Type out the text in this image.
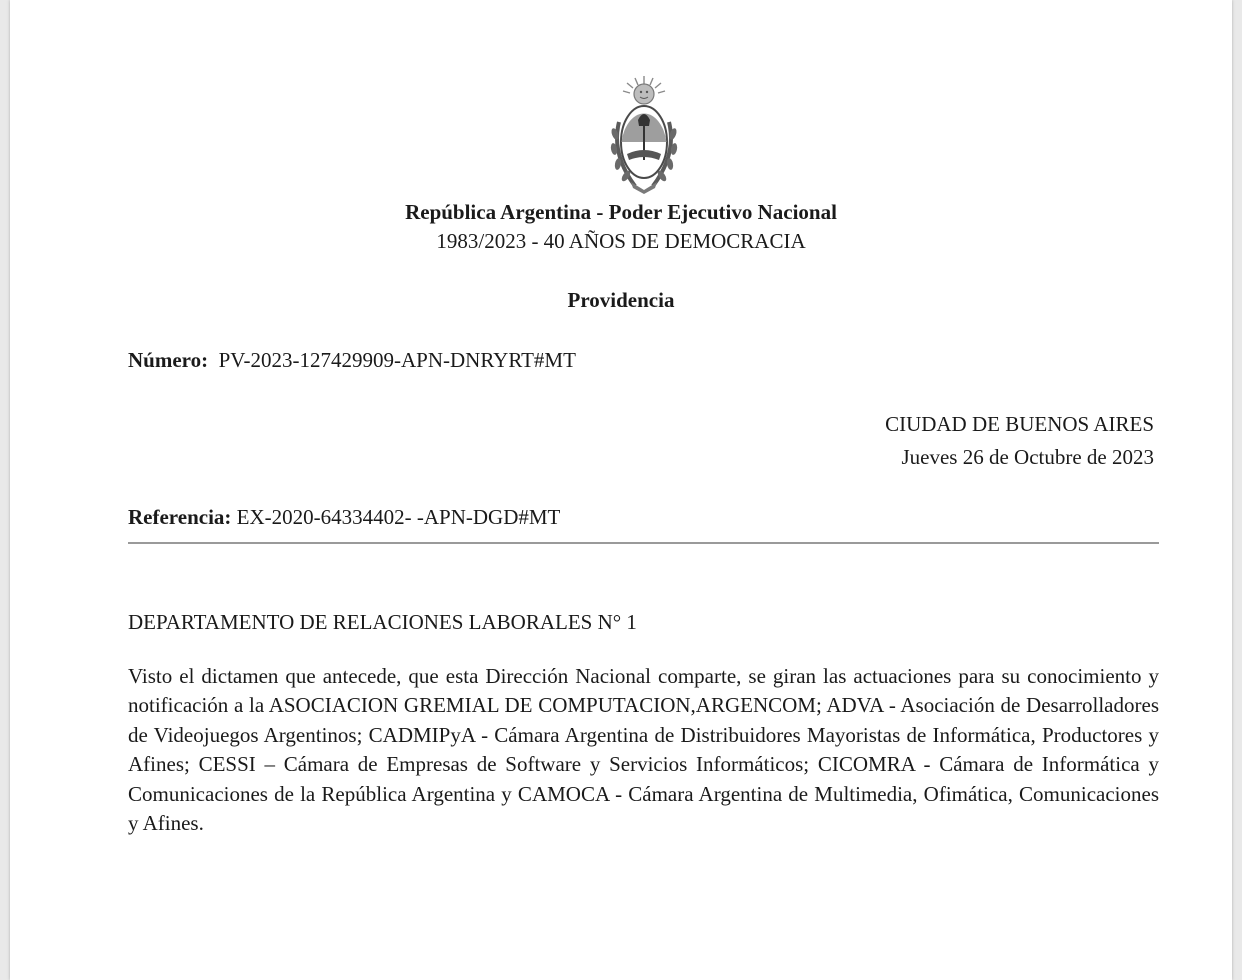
República Argentina - Poder Ejecutivo Nacional
1983/2023 - 40 AÑOS DE DEMOCRACIA
Providencia
Número: PV-2023-127429909-APN-DNRYRT#MT
CIUDAD DE BUENOS AIRES
Jueves 26 de Octubre de 2023
Referencia: EX-2020-64334402- -APN-DGD#MT
DEPARTAMENTO DE RELACIONES LABORALES N° 1
Visto el dictamen que antecede, que esta Dirección Nacional comparte, se giran las actuaciones para su conocimiento y notificación a la ASOCIACION GREMIAL DE COMPUTACION,ARGENCOM; ADVA - Asociación de Desarrolladores de Videojuegos Argentinos; CADMIPyA - Cámara Argentina de Distribuidores Mayoristas de Informática, Productores y Afines; CESSI – Cámara de Empresas de Software y Servicios Informáticos; CICOMRA - Cámara de Informática y Comunicaciones de la República Argentina y CAMOCA - Cámara Argentina de Multimedia, Ofimática, Comunicaciones y Afines.
